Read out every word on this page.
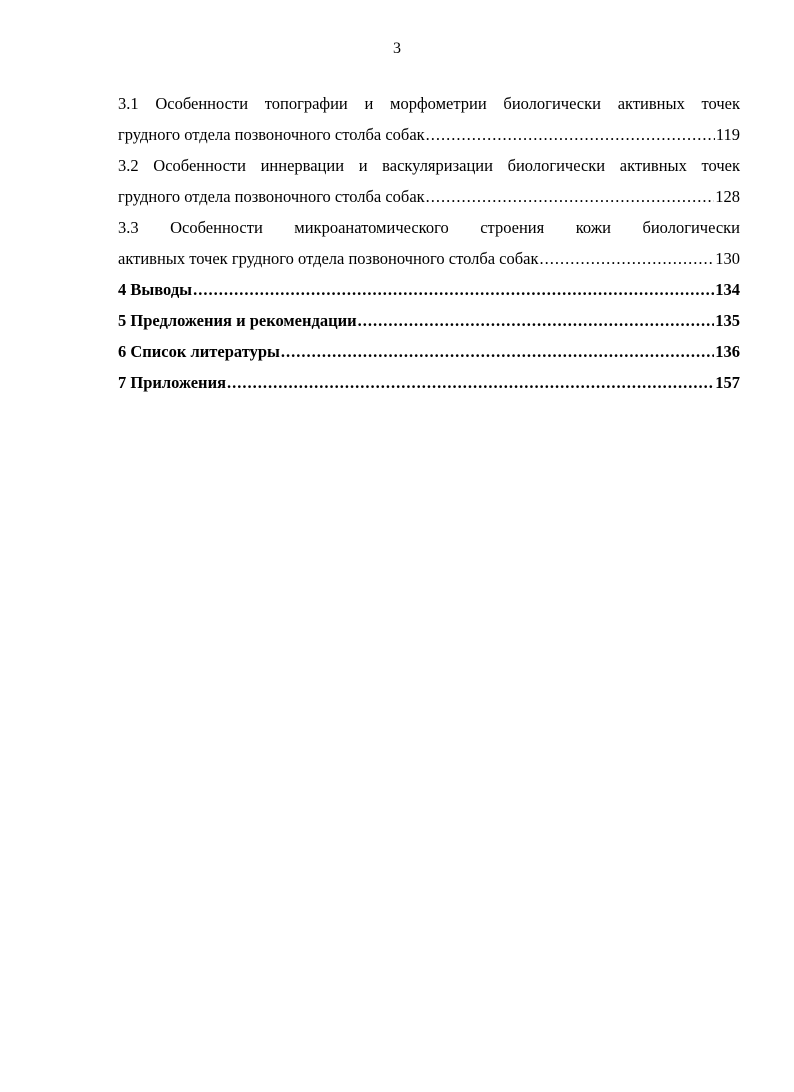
3
3.1 Особенности топографии и морфометрии биологически активных точек
грудного отдела позвоночного столба собак .....	119
3.2 Особенности иннервации и васкуляризации биологически активных точек
грудного отдела позвоночного столба собак .....	128
3.3 Особенности микроанатомического строения кожи биологически
активных точек грудного отдела позвоночного столба собак .....	130
4 Выводы .....	134
5 Предложения и рекомендации .....	135
6 Список литературы .....	136
7 Приложения .....	157
